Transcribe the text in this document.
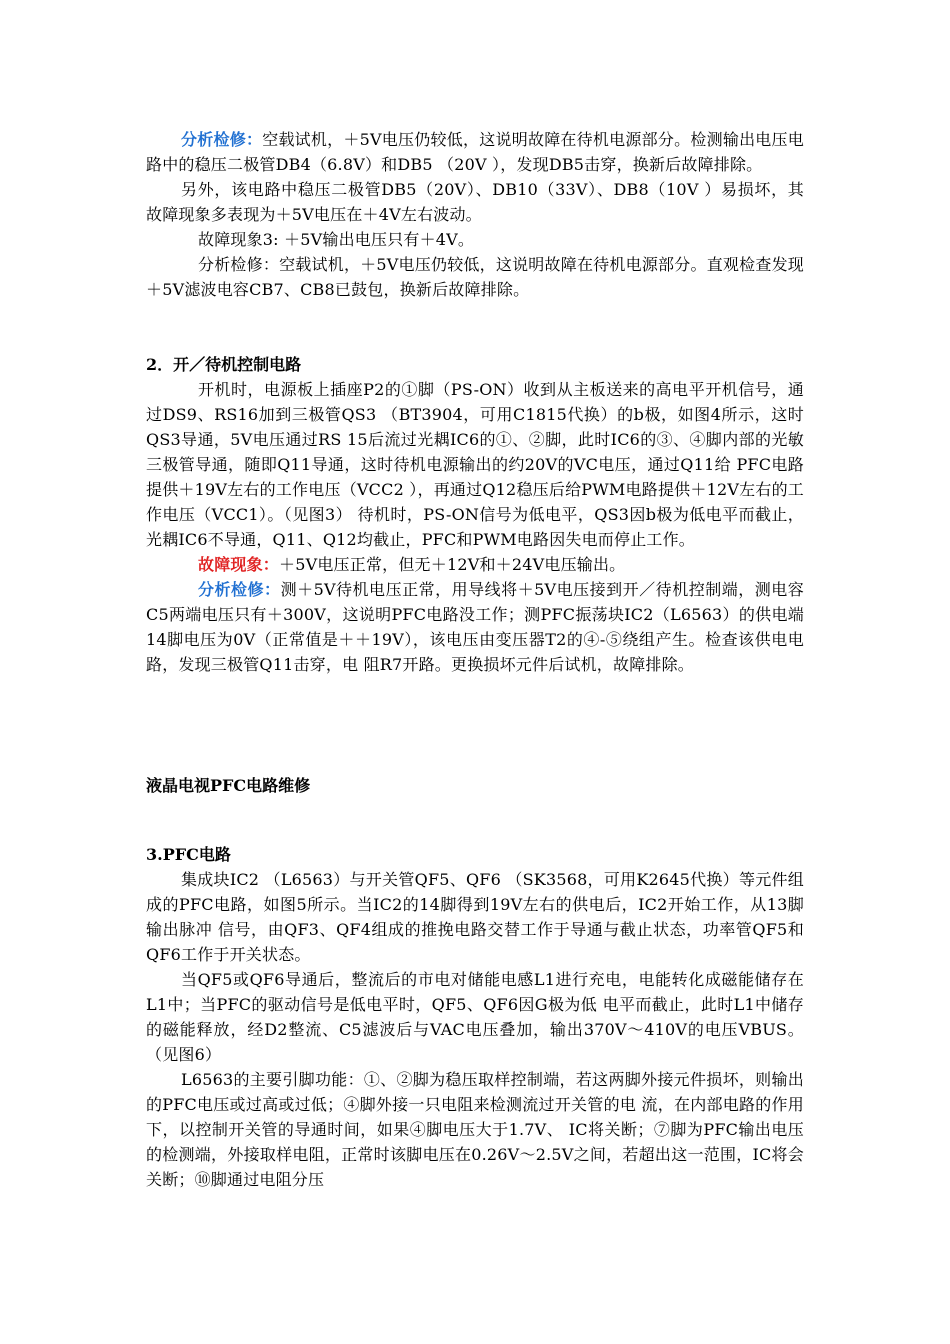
分析检修：空载试机，＋5V电压仍较低，这说明故障在待机电源部分。检测输出电压电路中的稳压二极管DB4（6.8V）和DB5 （20V ），发现DB5击穿，换新后故障排除。

另外，该电路中稳压二极管DB5（20V）、DB10（33V）、DB8（10V ）易损坏，其故障现象多表现为＋5V电压在＋4V左右波动。

故障现象3: ＋5V输出电压只有＋4V。

分析检修：空载试机，＋5V电压仍较低，这说明故障在待机电源部分。直观检查发现＋5V滤波电容CB7、CB8已鼓包，换新后故障排除。

2．开／待机控制电路

开机时，电源板上插座P2的①脚（PS-ON）收到从主板送来的高电平开机信号，通过DS9、RS16加到三极管QS3 （BT3904，可用C1815代换）的b极，如图4所示，这时QS3导通，5V电压通过RS 15后流过光耦IC6的①、②脚，此时IC6的③、④脚内部的光敏三极管导通，随即Q11导通，这时待机电源输出的约20V的VC电压，通过Q11给 PFC电路提供＋19V左右的工作电压（VCC2 ），再通过Q12稳压后给PWM电路提供＋12V左右的工作电压（VCC1）。（见图3） 待机时，PS-ON信号为低电平，QS3因b极为低电平而截止，光耦IC6不导通，Q11、Q12均截止，PFC和PWM电路因失电而停止工作。

故障现象：＋5V电压正常，但无＋12V和＋24V电压输出。

分析检修：测＋5V待机电压正常，用导线将＋5V电压接到开／待机控制端，测电容C5两端电压只有＋300V，这说明PFC电路没工作；测PFC振荡块IC2（L6563）的供电端14脚电压为0V（正常值是＋＋19V），该电压由变压器T2的④-⑤绕组产生。检查该供电电路，发现三极管Q11击穿，电 阻R7开路。更换损坏元件后试机，故障排除。

液晶电视PFC电路维修

3.PFC电路

集成块IC2 （L6563）与开关管QF5、QF6 （SK3568，可用K2645代换）等元件组成的PFC电路，如图5所示。当IC2的14脚得到19V左右的供电后，IC2开始工作，从13脚输出脉冲 信号，由QF3、QF4组成的推挽电路交替工作于导通与截止状态，功率管QF5和QF6工作于开关状态。

当QF5或QF6导通后，整流后的市电对储能电感L1进行充电，电能转化成磁能储存在L1中；当PFC的驱动信号是低电平时，QF5、QF6因G极为低 电平而截止，此时L1中储存的磁能释放，经D2整流、C5滤波后与VAC电压叠加，输出370V～410V的电压VBUS。（见图6）

L6563的主要引脚功能：①、②脚为稳压取样控制端，若这两脚外接元件损坏，则输出的PFC电压或过高或过低；④脚外接一只电阻来检测流过开关管的电 流，在内部电路的作用下，以控制开关管的导通时间，如果④脚电压大于1.7V、 IC将关断；⑦脚为PFC输出电压的检测端，外接取样电阻，正常时该脚电压在0.26V～2.5V之间，若超出这一范围，IC将会关断；⑩脚通过电阻分压
